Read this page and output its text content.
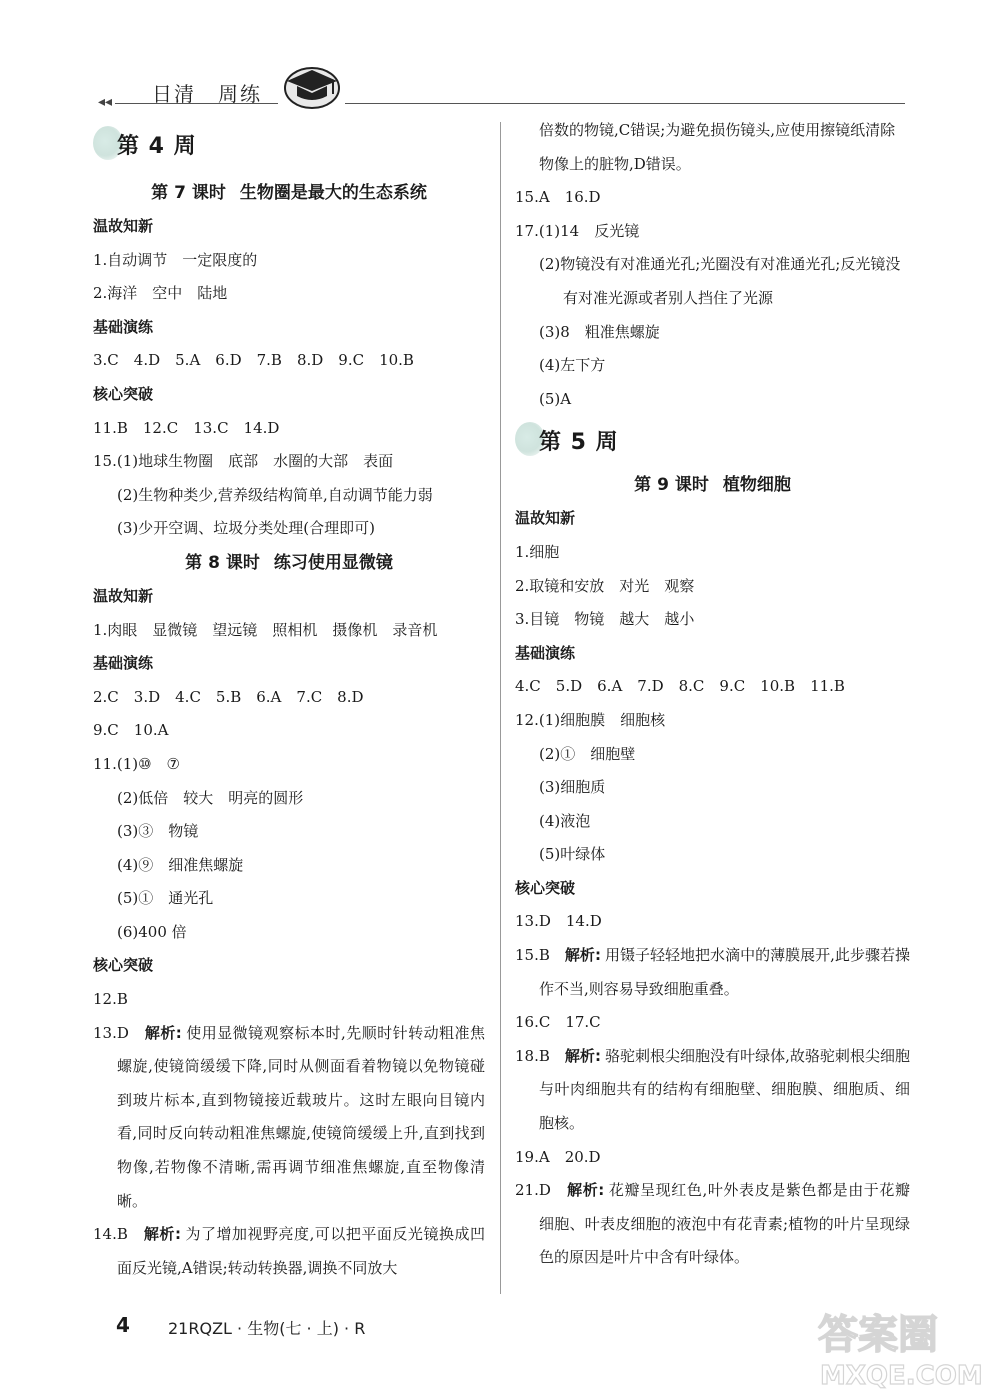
◂◂ 日清　周练
第 4 周
第 7 课时 生物圈是最大的生态系统
温故知新
1.自动调节　一定限度的
2.海洋　空中　陆地
基础演练
3.C　4.D　5.A　6.D　7.B　8.D　9.C　10.B
核心突破
11.B　12.C　13.C　14.D
15.(1)地球生物圈　底部　水圈的大部　表面
(2)生物种类少,营养级结构简单,自动调节能力弱
(3)少开空调、垃圾分类处理(合理即可)
第 8 课时 练习使用显微镜
温故知新
1.肉眼　显微镜　望远镜　照相机　摄像机　录音机
基础演练
2.C　3.D　4.C　5.B　6.A　7.C　8.D
9.C　10.A
11.(1)⑩　⑦
(2)低倍　较大　明亮的圆形
(3)③　物镜
(4)⑨　细准焦螺旋
(5)①　通光孔
(6)400 倍
核心突破
12.B
13.D　 解析: 使用显微镜观察标本时,先顺时针转动粗准焦螺旋,使镜筒缓缓下降,同时从侧面看着物镜以免物镜碰到玻片标本,直到物镜接近载玻片。这时左眼向目镜内看,同时反向转动粗准焦螺旋,使镜筒缓缓上升,直到找到物像,若物像不清晰,需再调节细准焦螺旋,直至物像清晰。
14.B　 解析: 为了增加视野亮度,可以把平面反光镜换成凹面反光镜,A错误;转动转换器,调换不同放大
倍数的物镜,C错误;为避免损伤镜头,应使用擦镜纸清除物像上的脏物,D错误。
15.A　16.D
17.(1)14　反光镜
(2)物镜没有对准通光孔;光圈没有对准通光孔;反光镜没有对准光源或者别人挡住了光源
(3)8　粗准焦螺旋
(4)左下方
(5)A
第 5 周
第 9 课时 植物细胞
温故知新
1.细胞
2.取镜和安放　对光　观察
3.目镜　物镜　越大　越小
基础演练
4.C　5.D　6.A　7.D　8.C　9.C　10.B　11.B
12.(1)细胞膜　细胞核
(2)①　细胞壁
(3)细胞质
(4)液泡
(5)叶绿体
核心突破
13.D　14.D
15.B　 解析: 用镊子轻轻地把水滴中的薄膜展开,此步骤若操作不当,则容易导致细胞重叠。
16.C　17.C
18.B　 解析: 骆驼刺根尖细胞没有叶绿体,故骆驼刺根尖细胞与叶肉细胞共有的结构有细胞壁、细胞膜、细胞质、细胞核。
19.A　20.D
21.D　 解析: 花瓣呈现红色,叶外表皮是紫色都是由于花瓣细胞、叶表皮细胞的液泡中有花青素;植物的叶片呈现绿色的原因是叶片中含有叶绿体。
4 21RQZL · 生物(七 · 上) · R	答案圈
MXQE.COM
